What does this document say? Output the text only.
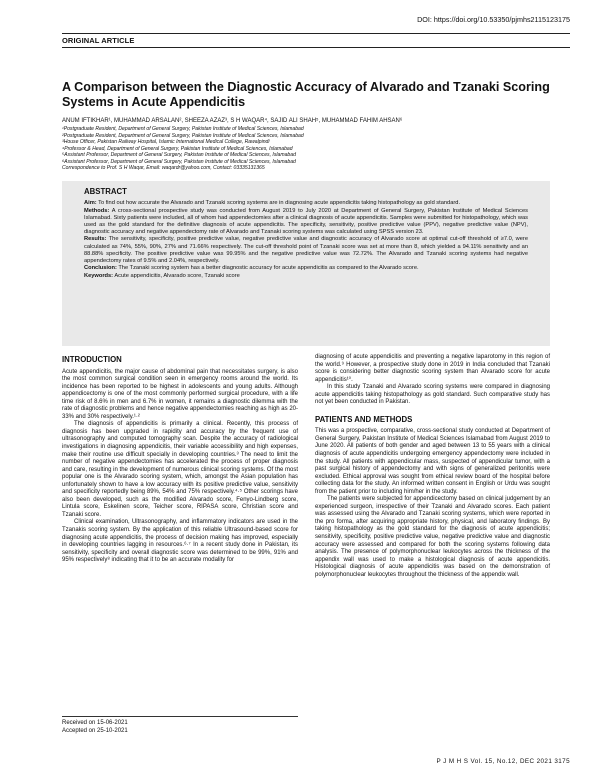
DOI: https://doi.org/10.53350/pjmhs2115123175
ORIGINAL ARTICLE
A Comparison between the Diagnostic Accuracy of Alvarado and Tzanaki Scoring Systems in Acute Appendicitis
ANUM IFTIKHAR¹, MUHAMMAD ARSALAN², SHEEZA AZAZ³, S H WAQAR⁴, SAJID ALI SHAH⁵, MUHAMMAD FAHIM AHSAN⁶
¹Postgraduate Resident, Department of General Surgery, Pakistan Institute of Medical Sciences, Islamabad
²Postgraduate Resident, Department of General Surgery, Pakistan Institute of Medical Sciences, Islamabad
³House Officer, Pakistan Railway Hospital, Islamic International Medical College, Rawalpindi
⁴Professor & Head, Department of General Surgery, Pakistan Institute of Medical Sciences, Islamabad
⁵Assistant Professor, Department of General Surgery, Pakistan Institute of Medical Sciences, Islamabad
⁶Assistant Professor, Department of General Surgery, Pakistan Institute of Medical Sciences, Islamabad
Correspondence to Prof. S H Waqar, Email: waqardr@yahoo.com, Contact: 03335131365
ABSTRACT

Aim: To find out how accurate the Alvarado and Tzanaki scoring systems are in diagnosing acute appendicitis taking histopathology as gold standard.

Methods: A cross-sectional prospective study was conducted from August 2019 to July 2020 at Department of General Surgery, Pakistan Institute of Medical Sciences Islamabad. Sixty patients were included, all of whom had appendectomies after a clinical diagnosis of acute appendicitis. Samples were submitted for histopathology, which was used as the gold standard for the definitive diagnosis of acute appendicitis. The specificity, sensitivity, positive predictive value (PPV), negative predictive value (NPV), diagnostic accuracy and negative appendectomy rate of Alvarado and Tzanaki scoring systems was calculated using SPSS version 23.

Results: The sensitivity, specificity, positive predictive value, negative predictive value and diagnostic accuracy of Alvarado score at optimal cut-off threshold of ≥7.0, were calculated as 74%, 55%, 90%, 27% and 71.66% respectively. The cut-off threshold point of Tzanaki score was set at more than 8, which yielded a 94.11% sensitivity and an 88.88% specificity. The positive predictive value was 99.95% and the negative predictive value was 72.72%. The Alvarado and Tzanaki scoring systems had negative appendectomy rates of 9.5% and 2.04%, respectively.

Conclusion: The Tzanaki scoring system has a better diagnostic accuracy for acute appendicitis as compared to the Alvarado score.

Keywords: Acute appendicitis, Alvarado score, Tzanaki score

INTRODUCTION

Acute appendicitis, the major cause of abdominal pain that necessitates surgery, is also the most common surgical condition seen in emergency rooms around the world. Its incidence has been reported to be highest in adolescents and young adults. Although appendicectomy is one of the most commonly performed surgical procedure, with a life time risk of 8.6% in men and 6.7% in women, it remains a diagnostic dilemma with the rate of diagnostic problems and hence negative appendectomies reaching as high as 20-33% and 30% respectively.¹·²

The diagnosis of appendicitis is primarily a clinical. Recently, this process of diagnosis has been upgraded in rapidity and accuracy by the frequent use of ultrasonography and computed tomography scan. Despite the accuracy of radiological investigations in diagnosing appendicitis, their variable accessibility and high expenses, make their routine use difficult specially in developing countries.³ The need to limit the number of negative appendectomies has accelerated the process of proper diagnosis and care, resulting in the development of numerous clinical scoring systems. Of the most popular one is the Alvarado scoring system, which, amongst the Asian population has unfortunately shown to have a low accuracy with its positive predictive value, sensitivity and specificity reportedly being 89%, 54% and 75% respectively.⁴·⁵ Other scorings have also been developed, such as the modified Alvarado score, Fenyo-Lindberg score, Lintula score, Eskelinen score, Teicher score, RIPASA score, Christian score and Tzanaki score.

Clinical examination, Ultrasonography, and inflammatory indicators are used in the Tzanakis scoring system. By the application of this reliable Ultrasound-based score for diagnosing acute appendicitis, the process of decision making has improved, especially in developing countries lagging in resources.⁶·⁷ In a recent study done in Pakistan, its sensitivity, specificity and overall diagnostic score was determined to be 99%, 91% and 95% respectively⁸ indicating that it to be an accurate modality for

diagnosing of acute appendicitis and preventing a negative laparotomy in this region of the world.⁹ However, a prospective study done in 2019 in India concluded that Tzanaki score is considering better diagnostic scoring system than Alvarado score for acute appendicitis¹⁰.

In this study Tzanaki and Alvarado scoring systems were compared in diagnosing acute appendicitis taking histopathology as gold standard. Such comparative study has not yet been conducted in Pakistan.

PATIENTS AND METHODS

This was a prospective, comparative, cross-sectional study conducted at Department of General Surgery, Pakistan Institute of Medical Sciences Islamabad from August 2019 to June 2020. All patients of both gender and aged between 13 to 55 years with a clinical diagnosis of acute appendicitis undergoing emergency appendectomy were included in the study. All patients with appendicular mass, suspected of appendicular tumor, with a past surgical history of appendectomy and with signs of generalized peritonitis were excluded. Ethical approval was sought from ethical review board of the hospital before collecting data for the study. An informed written consent in English or Urdu was sought from the patient prior to including him/her in the study.

The patients were subjected for appendicectomy based on clinical judgement by an experienced surgeon, irrespective of their Tzanaki and Alvarado scores. Each patient was assessed using the Alvarado and Tzanaki scoring systems, which were reported in the pro forma, after acquiring appropriate history, physical, and laboratory findings. By taking histopathology as the gold standard for the diagnosis of acute appendicitis; sensitivity, specificity, positive predictive value, negative predictive value and diagnostic accuracy were assessed and compared for both the scoring systems following data analysis. The presence of polymorphonuclear leukocytes across the thickness of the appendix wall was used to make a histological diagnosis of acute appendicitis. Histological diagnosis of acute appendicitis was based on the demonstration of polymorphonuclear leukocytes throughout the thickness of the appendix wall.

Received on 15-06-2021
Accepted on 25-10-2021
P J M H S Vol. 15, No.12, DEC 2021 3175
